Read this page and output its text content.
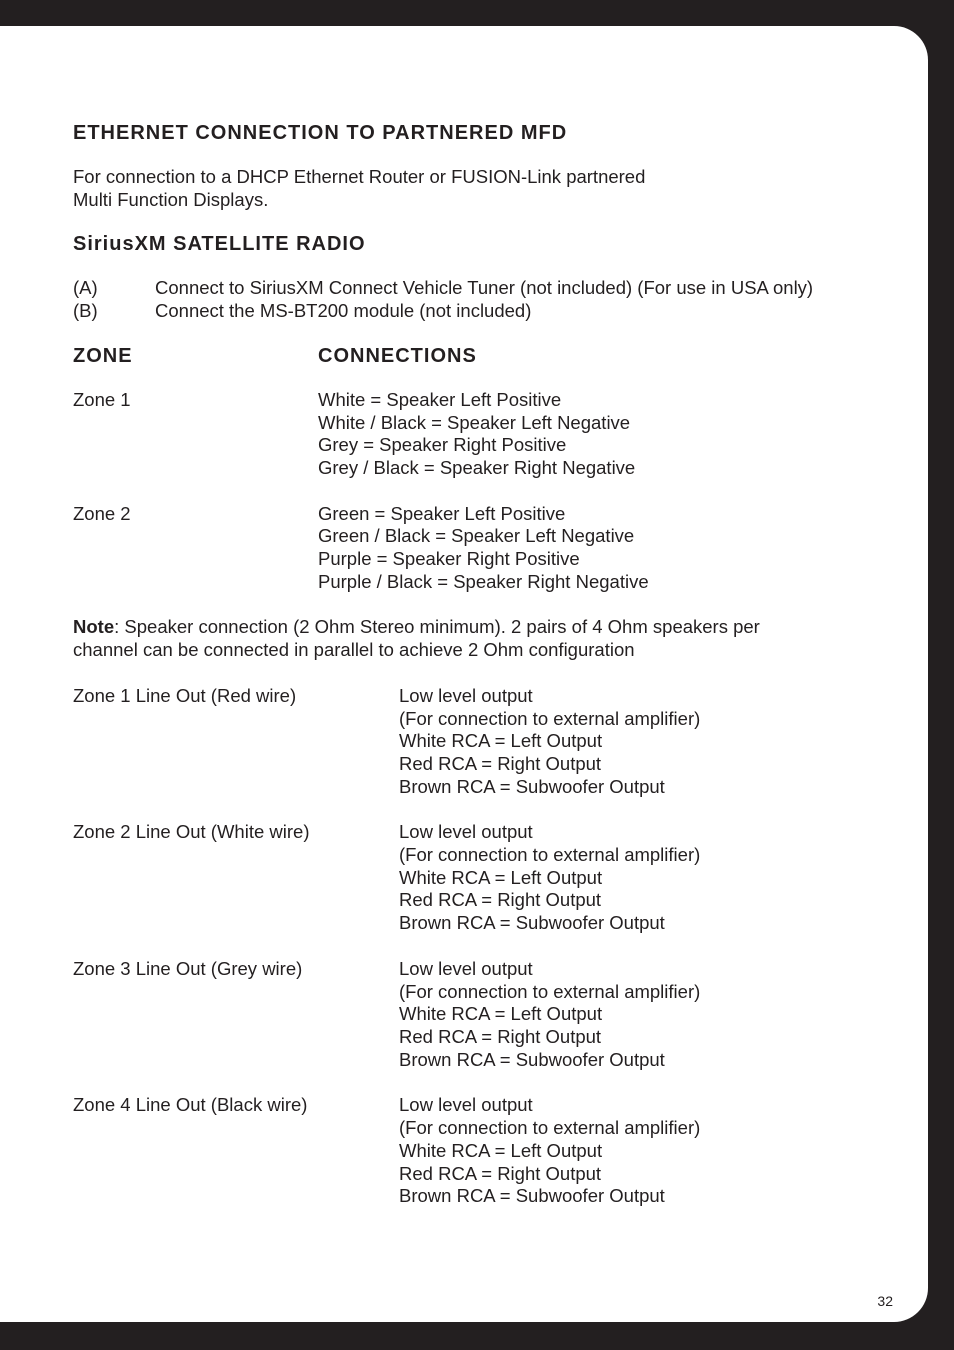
ETHERNET CONNECTION TO PARTNERED MFD

For connection to a DHCP Ethernet Router or FUSION-Link partnered

Multi Function Displays.

SiriusXM SATELLITE RADIO
(A)	Connect to SiriusXM Connect Vehicle Tuner (not included) (For use in USA only)
(B)	Connect the MS-BT200 module (not included)
ZONE	CONNECTIONS
Zone 1	White = Speaker Left Positive

White / Black = Speaker Left Negative

Grey = Speaker Right Positive

Grey / Black = Speaker Right Negative

Zone 2	Green = Speaker Left Positive

Green / Black = Speaker Left Negative

Purple = Speaker Right Positive

Purple / Black = Speaker Right Negative

Note: Speaker connection (2 Ohm Stereo minimum). 2 pairs of 4 Ohm speakers per

channel can be connected in parallel to achieve 2 Ohm configuration

Zone 1 Line Out (Red wire)	Low level output

(For connection to external amplifier)

White RCA = Left Output

Red RCA = Right Output

Brown RCA = Subwoofer Output

Zone 2 Line Out (White wire)	Low level output

(For connection to external amplifier)

White RCA = Left Output

Red RCA = Right Output

Brown RCA = Subwoofer Output

Zone 3 Line Out (Grey wire)	Low level output

(For connection to external amplifier)

White RCA = Left Output

Red RCA = Right Output

Brown RCA = Subwoofer Output

Zone 4 Line Out (Black wire)	Low level output

(For connection to external amplifier)

White RCA = Left Output

Red RCA = Right Output

Brown RCA = Subwoofer Output

32
